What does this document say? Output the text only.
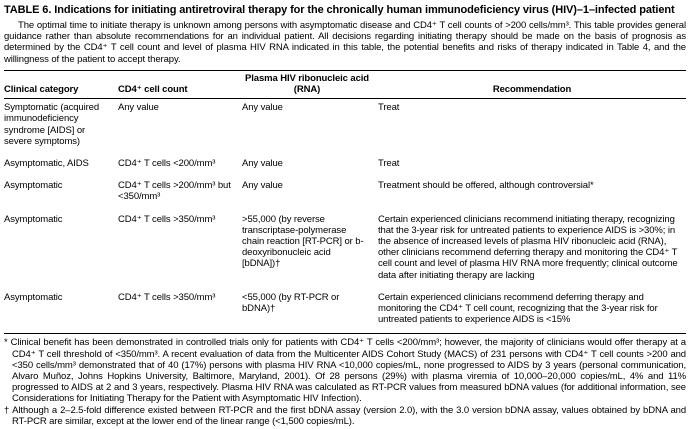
TABLE 6. Indications for initiating antiretroviral therapy for the chronically human immunodeficiency virus (HIV)–1–infected patient

The optimal time to initiate therapy is unknown among persons with asymptomatic disease and CD4⁺ T cell counts of >200 cells/mm³. This table provides general guidance rather than absolute recommendations for an individual patient. All decisions regarding initiating therapy should be made on the basis of prognosis as determined by the CD4⁺ T cell count and level of plasma HIV RNA indicated in this table, the potential benefits and risks of therapy indicated in Table 4, and the willingness of the patient to accept therapy.

Clinical category	CD4⁺ cell count	Plasma HIV ribonucleic acid (RNA)	Recommendation
Symptomatic (acquired immunodeficiency syndrome [AIDS] or severe symptoms)	Any value	Any value	Treat
Asymptomatic, AIDS	CD4⁺ T cells <200/mm³	Any value	Treat
Asymptomatic	CD4⁺ T cells >200/mm³ but <350/mm³	Any value	Treatment should be offered, although controversial*
Asymptomatic	CD4⁺ T cells >350/mm³	>55,000 (by reverse transcriptase-polymerase chain reaction [RT-PCR] or b-deoxyribonucleic acid [bDNA])†	Certain experienced clinicians recommend initiating therapy, recognizing that the 3-year risk for untreated patients to experience AIDS is >30%; in the absence of increased levels of plasma HIV ribonucleic acid (RNA), other clinicians recommend deferring therapy and monitoring the CD4⁺ T cell count and level of plasma HIV RNA more frequently; clinical outcome data after initiating therapy are lacking
Asymptomatic	CD4⁺ T cells >350/mm³	<55,000 (by RT-PCR or bDNA)†	Certain experienced clinicians recommend deferring therapy and monitoring the CD4⁺ T cell count, recognizing that the 3-year risk for untreated patients to experience AIDS is <15%

* Clinical benefit has been demonstrated in controlled trials only for patients with CD4⁺ T cells <200/mm³; however, the majority of clinicians would offer therapy at a CD4⁺ T cell threshold of <350/mm³. A recent evaluation of data from the Multicenter AIDS Cohort Study (MACS) of 231 persons with CD4⁺ T cell counts >200 and <350 cells/mm³ demonstrated that of 40 (17%) persons with plasma HIV RNA <10,000 copies/mL, none progressed to AIDS by 3 years (personal communication, Alvaro Muñoz, Johns Hopkins University, Baltimore, Maryland, 2001). Of 28 persons (29%) with plasma viremia of 10,000–20,000 copies/mL, 4% and 11% progressed to AIDS at 2 and 3 years, respectively. Plasma HIV RNA was calculated as RT-PCR values from measured bDNA values (for additional information, see Considerations for Initiating Therapy for the Patient with Asymptomatic HIV Infection).

† Although a 2–2.5-fold difference existed between RT-PCR and the first bDNA assay (version 2.0), with the 3.0 version bDNA assay, values obtained by bDNA and RT-PCR are similar, except at the lower end of the linear range (<1,500 copies/mL).
